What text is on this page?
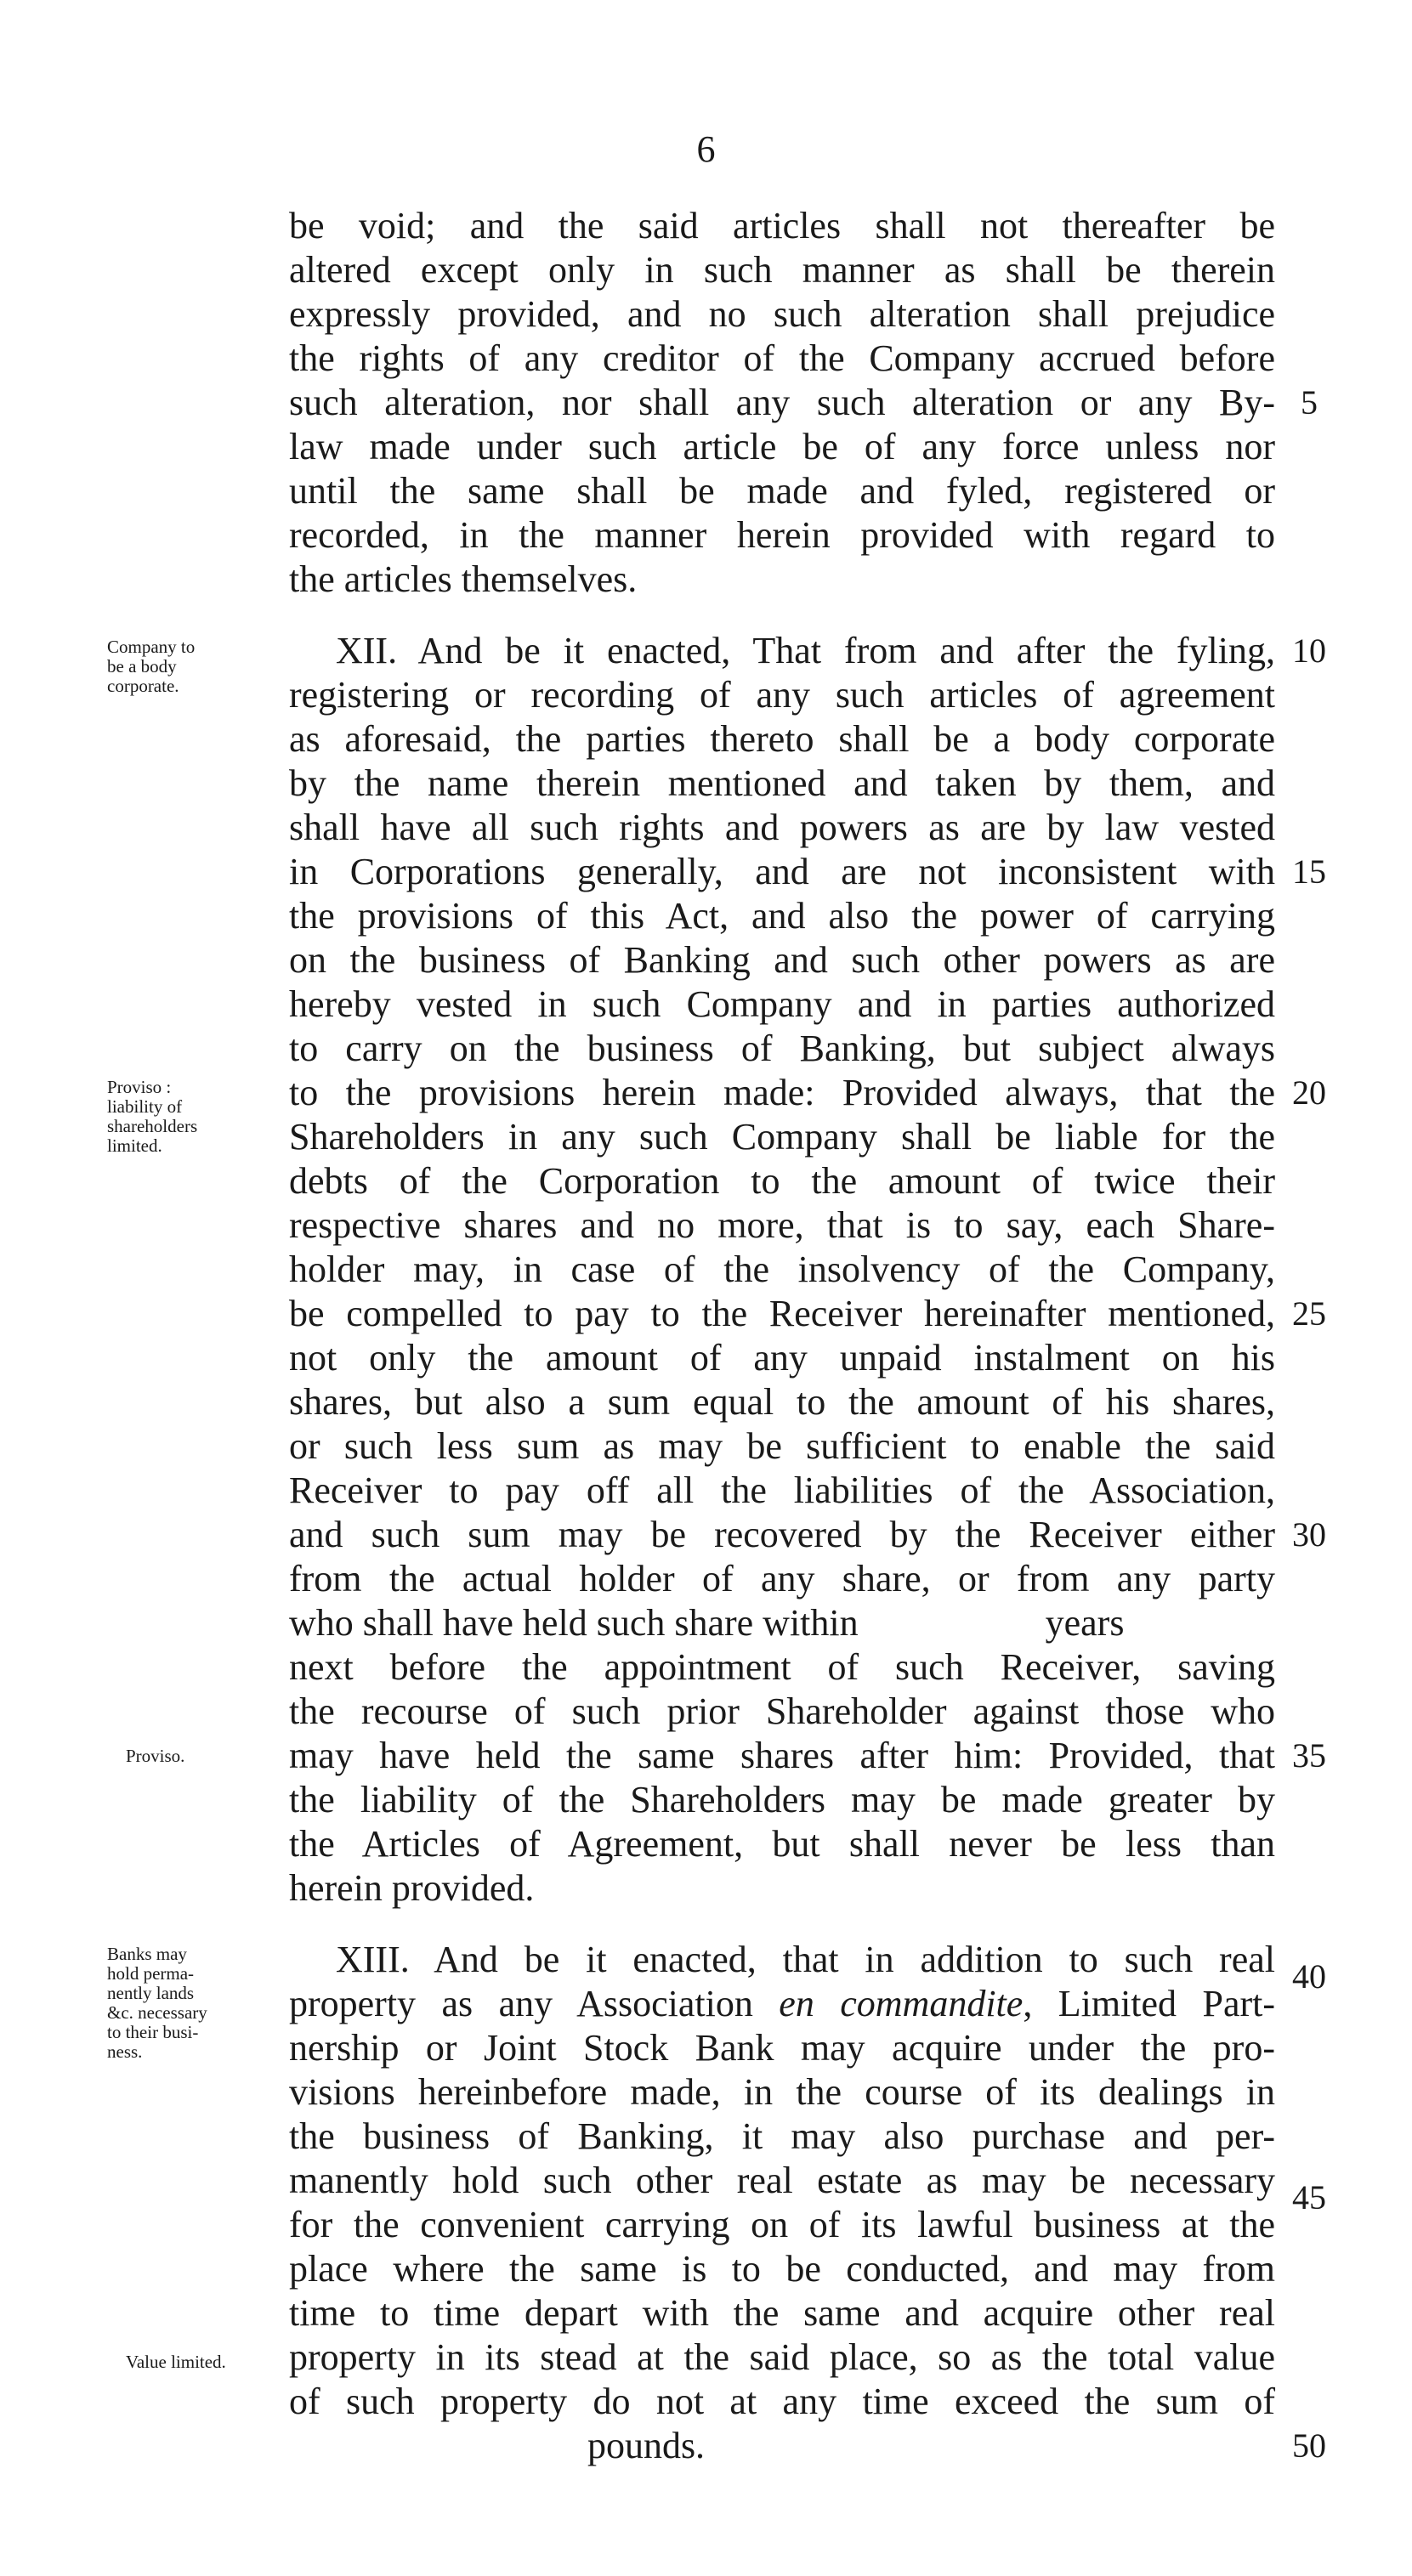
6
be void; and the said articles shall not thereafter be
altered except only in such manner as shall be therein
expressly provided, and no such alteration shall prejudice
the rights of any creditor of the Company accrued before
such alteration, nor shall any such alteration or any By-
law made under such article be of any force unless nor
until the same shall be made and fyled, registered or
recorded, in the manner herein provided with regard to
the articles themselves.
XII. And be it enacted, That from and after the fyling,
registering or recording of any such articles of agreement
as aforesaid, the parties thereto shall be a body corporate
by the name therein mentioned and taken by them, and
shall have all such rights and powers as are by law vested
in Corporations generally, and are not inconsistent with
the provisions of this Act, and also the power of carrying
on the business of Banking and such other powers as are
hereby vested in such Company and in parties authorized
to carry on the business of Banking, but subject always
to the provisions herein made: Provided always, that the
Shareholders in any such Company shall be liable for the
debts of the Corporation to the amount of twice their
respective shares and no more, that is to say, each Share-
holder may, in case of the insolvency of the Company,
be compelled to pay to the Receiver hereinafter mentioned,
not only the amount of any unpaid instalment on his
shares, but also a sum equal to the amount of his shares,
or such less sum as may be sufficient to enable the said
Receiver to pay off all the liabilities of the Association,
and such sum may be recovered by the Receiver either
from the actual holder of any share, or from any party
who shall have held such share within                    years
next before the appointment of such Receiver, saving
the recourse of such prior Shareholder against those who
may have held the same shares after him: Provided, that
the liability of the Shareholders may be made greater by
the Articles of Agreement, but shall never be less than
herein provided.
XIII. And be it enacted, that in addition to such real
property as any Association en commandite, Limited Part-
nership or Joint Stock Bank may acquire under the pro-
visions hereinbefore made, in the course of its dealings in
the business of Banking, it may also purchase and per-
manently hold such other real estate as may be necessary
for the convenient carrying on of its lawful business at the
place where the same is to be conducted, and may from
time to time depart with the same and acquire other real
property in its stead at the said place, so as the total value
of such property do not at any time exceed the sum of
pounds.
5
10
15
20
25
30
35
40
45
50
Company to
be a body
corporate.
Proviso :
liability of
shareholders
limited.
Proviso.
Banks may
hold perma-
nently lands
&c. necessary
to their busi-
ness.
Value limited.
